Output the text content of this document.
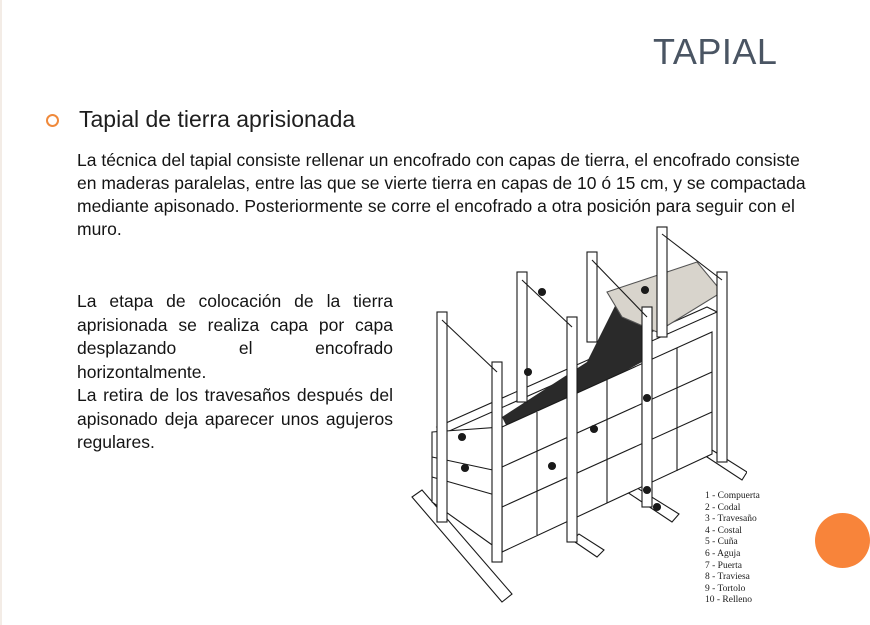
TAPIAL
Tapial de tierra aprisionada
La técnica del tapial consiste rellenar un encofrado con capas de tierra, el encofrado consiste en maderas paralelas, entre las que se vierte tierra en capas de 10 ó 15 cm, y se compactada mediante apisonado. Posteriormente se corre el encofrado a otra posición para seguir con el muro.

La etapa de colocación de la tierra aprisionada se realiza capa por capa desplazando el encofrado horizontalmente.

La retira de los travesaños después del apisonado deja aparecer unos agujeros regulares.

1 - Compuerta
2 - Codal
3 - Travesaño
4 - Costal
5 - Cuña
6 - Aguja
7 - Puerta
8 - Traviesa
9 - Tortolo
10 - Relleno
